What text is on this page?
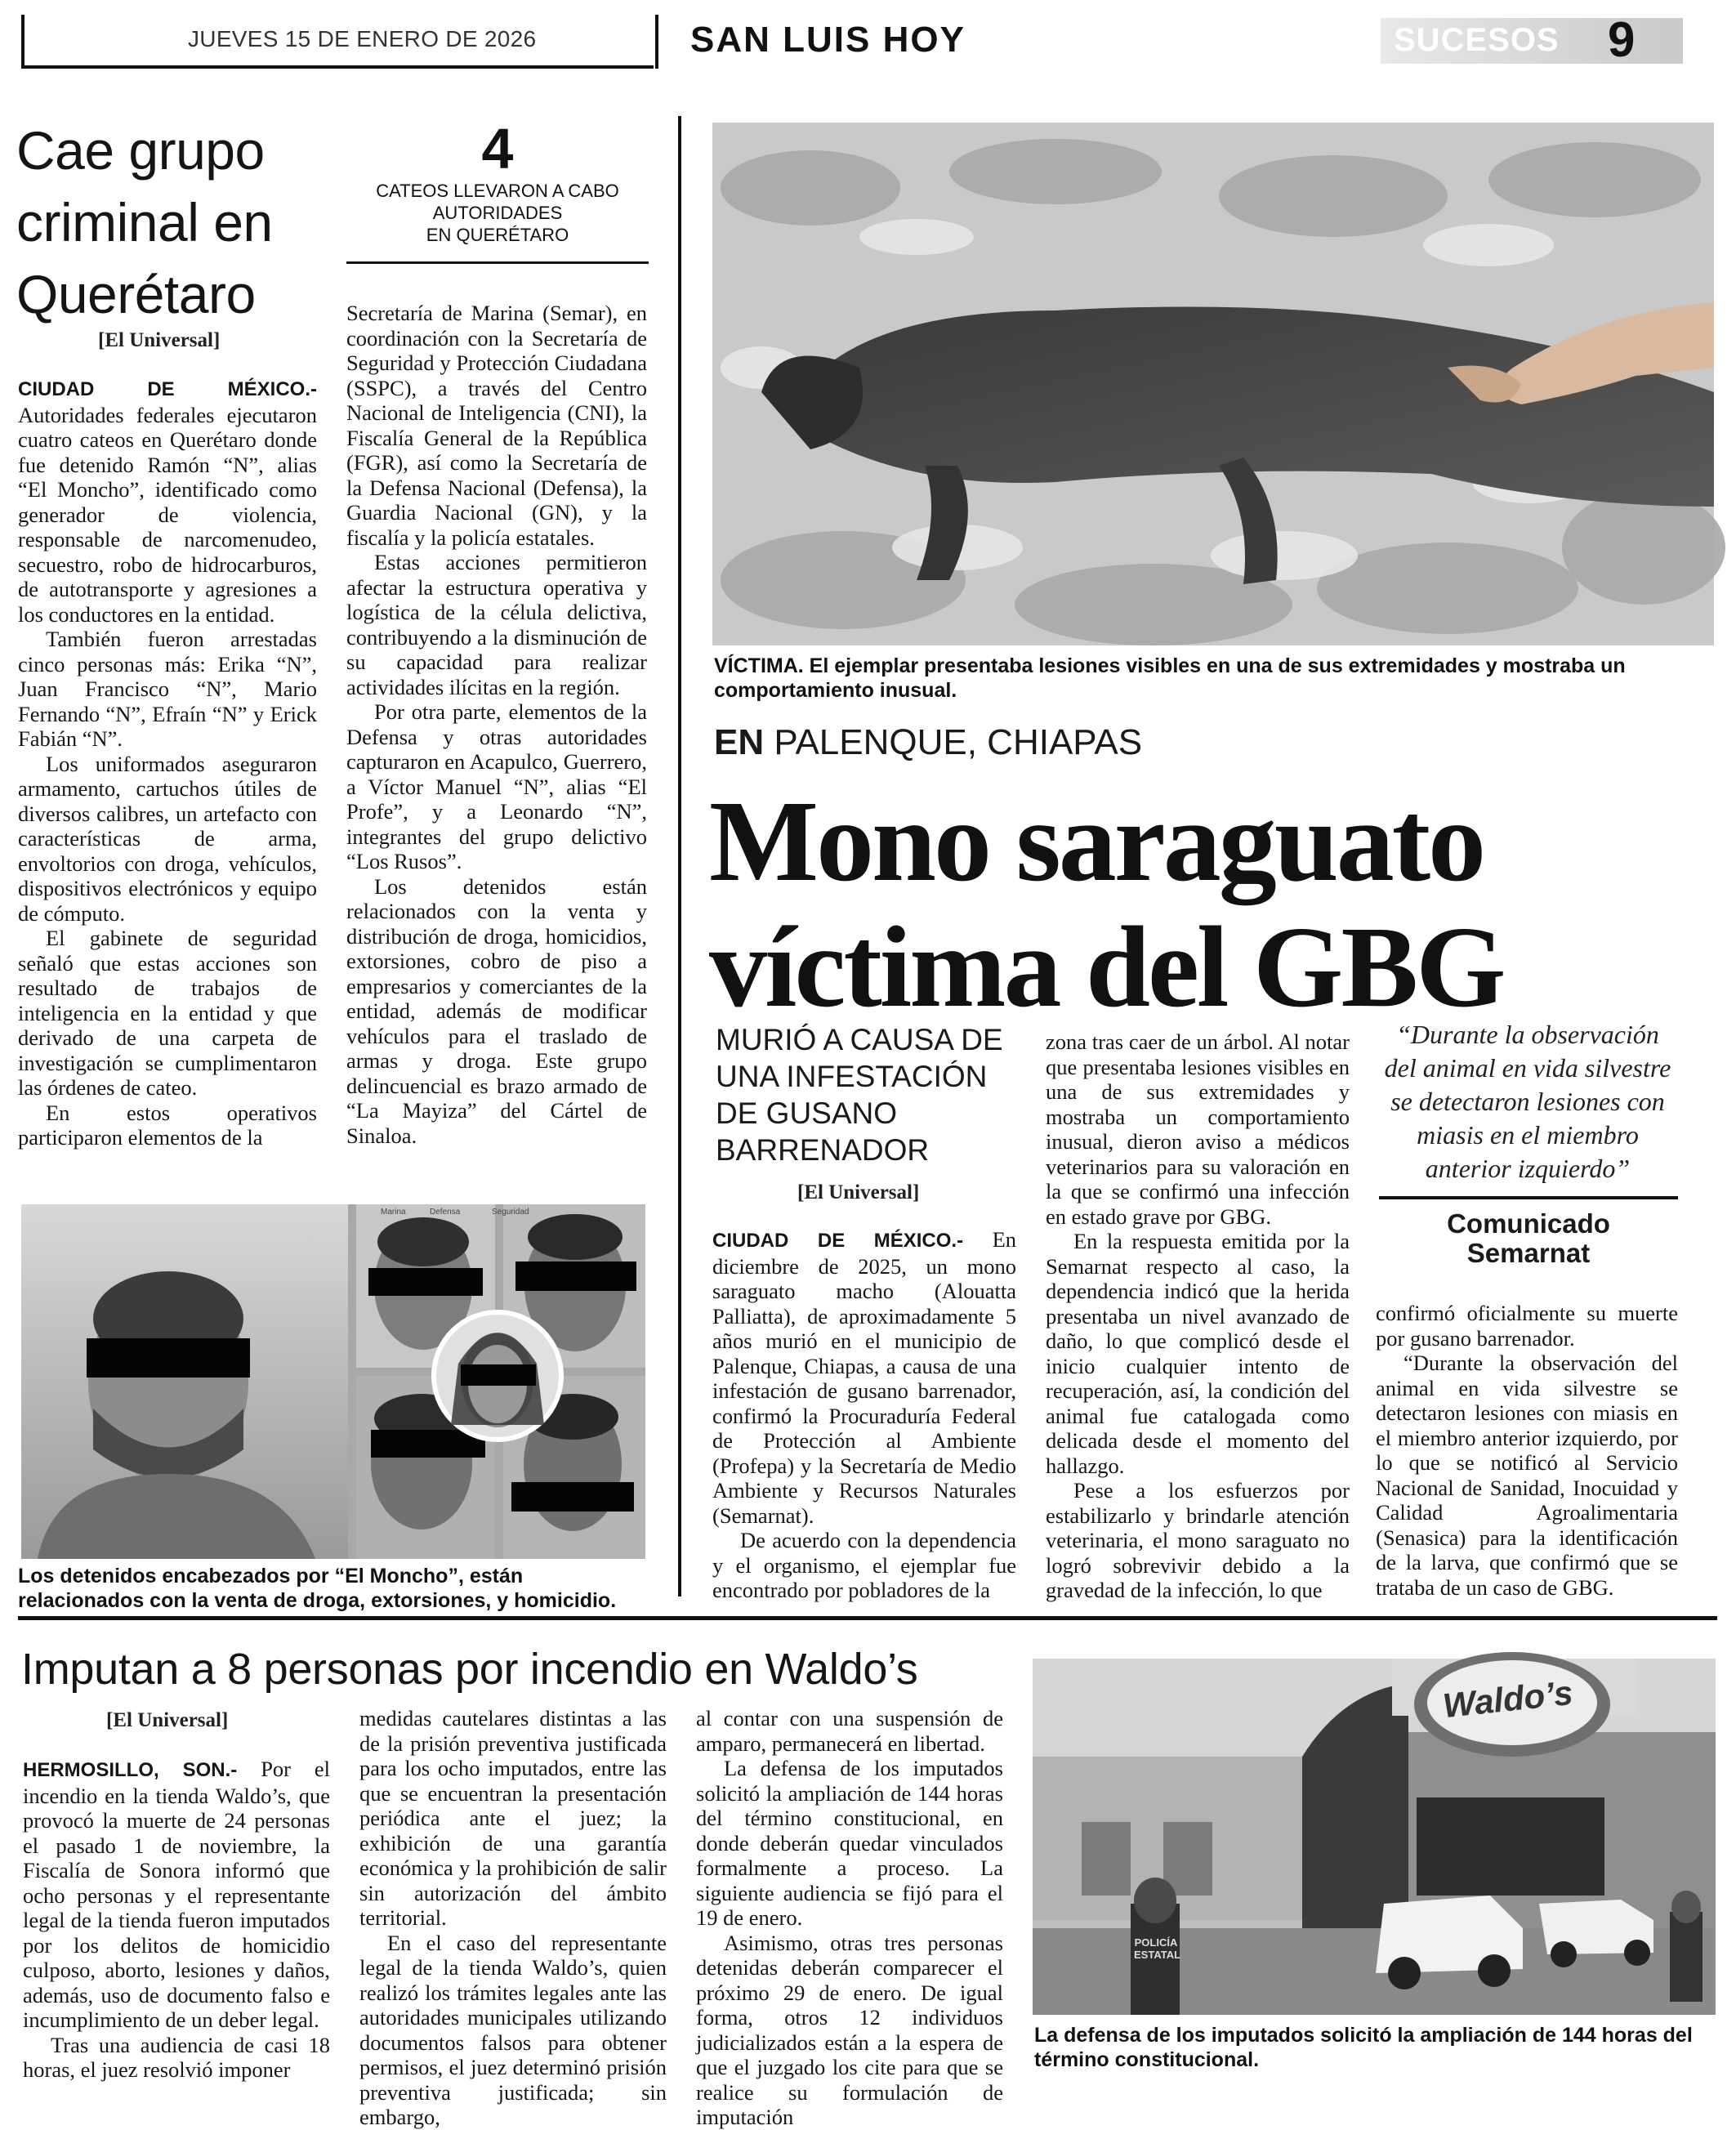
JUEVES 15 DE ENERO DE 2026	SAN LUIS HOY	SUCESOS 9
Cae grupo
criminal en
Querétaro
[El Universal]
4
CATEOS LLEVARON A CABO
AUTORIDADES
EN QUERÉTARO

CIUDAD DE MÉXICO.- Autoridades federales ejecutaron cuatro cateos en Querétaro donde fue detenido Ramón “N”, alias “El Moncho”, identificado como generador de violencia, responsable de narcomenudeo, secuestro, robo de hidrocarburos, de autotransporte y agresiones a los conductores en la entidad.

También fueron arrestadas cinco personas más: Erika “N”, Juan Francisco “N”, Mario Fernando “N”, Efraín “N” y Erick Fabián “N”.

Los uniformados aseguraron armamento, cartuchos útiles de diversos calibres, un artefacto con características de arma, envoltorios con droga, vehículos, dispositivos electrónicos y equipo de cómputo.

El gabinete de seguridad señaló que estas acciones son resultado de trabajos de inteligencia en la entidad y que derivado de una carpeta de investigación se cumplimentaron las órdenes de cateo.

En estos operativos participaron elementos de la

Secretaría de Marina (Semar), en coordinación con la Secretaría de Seguridad y Protección Ciudadana (SSPC), a través del Centro Nacional de Inteligencia (CNI), la Fiscalía General de la República (FGR), así como la Secretaría de la Defensa Nacional (Defensa), la Guardia Nacional (GN), y la fiscalía y la policía estatales.

Estas acciones permitieron afectar la estructura operativa y logística de la célula delictiva, contribuyendo a la disminución de su capacidad para realizar actividades ilícitas en la región.

Por otra parte, elementos de la Defensa y otras autoridades capturaron en Acapulco, Guerrero, a Víctor Manuel “N”, alias “El Profe”, y a Leonardo “N”, integrantes del grupo delictivo “Los Rusos”.

Los detenidos están relacionados con la venta y distribución de droga, homicidios, extorsiones, cobro de piso a empresarios y comerciantes de la entidad, además de modificar vehículos para el traslado de armas y droga. Este grupo delincuencial es brazo armado de “La Mayiza” del Cártel de Sinaloa.

Marina	Defensa	Seguridad
Los detenidos encabezados por “El Moncho”, están relacionados con la venta de droga, extorsiones, y homicidio.
VÍCTIMA. El ejemplar presentaba lesiones visibles en una de sus extremidades y mostraba un comportamiento inusual.
EN PALENQUE, CHIAPAS
Mono saraguato
víctima del GBG
MURIÓ A CAUSA DE UNA INFESTACIÓN DE GUSANO BARRENADOR
[El Universal]

CIUDAD DE MÉXICO.- En diciembre de 2025, un mono saraguato macho (Alouatta Palliatta), de aproximadamente 5 años murió en el municipio de Palenque, Chiapas, a causa de una infestación de gusano barrenador, confirmó la Procuraduría Federal de Protección al Ambiente (Profepa) y la Secretaría de Medio Ambiente y Recursos Naturales (Semarnat).

De acuerdo con la dependencia y el organismo, el ejemplar fue encontrado por pobladores de la

zona tras caer de un árbol. Al notar que presentaba lesiones visibles en una de sus extremidades y mostraba un comportamiento inusual, dieron aviso a médicos veterinarios para su valoración en la que se confirmó una infección en estado grave por GBG.

En la respuesta emitida por la Semarnat respecto al caso, la dependencia indicó que la herida presentaba un nivel avanzado de daño, lo que complicó desde el inicio cualquier intento de recuperación, así, la condición del animal fue catalogada como delicada desde el momento del hallazgo.

Pese a los esfuerzos por estabilizarlo y brindarle atención veterinaria, el mono saraguato no logró sobrevivir debido a la gravedad de la infección, lo que

“Durante la observación del animal en vida silvestre se detectaron lesiones con miasis en el miembro anterior izquierdo”
Comunicado
Semarnat

confirmó oficialmente su muerte por gusano barrenador.

“Durante la observación del animal en vida silvestre se detectaron lesiones con miasis en el miembro anterior izquierdo, por lo que se notificó al Servicio Nacional de Sanidad, Inocuidad y Calidad Agroalimentaria (Senasica) para la identificación de la larva, que confirmó que se trataba de un caso de GBG.

Imputan a 8 personas por incendio en Waldo’s
[El Universal]

HERMOSILLO, SON.- Por el incendio en la tienda Waldo’s, que provocó la muerte de 24 personas el pasado 1 de noviembre, la Fiscalía de Sonora informó que ocho personas y el representante legal de la tienda fueron imputados por los delitos de homicidio culposo, aborto, lesiones y daños, además, uso de documento falso e incumplimiento de un deber legal.

Tras una audiencia de casi 18 horas, el juez resolvió imponer

medidas cautelares distintas a las de la prisión preventiva justificada para los ocho imputados, entre las que se encuentran la presentación periódica ante el juez; la exhibición de una garantía económica y la prohibición de salir sin autorización del ámbito territorial.

En el caso del representante legal de la tienda Waldo’s, quien realizó los trámites legales ante las autoridades municipales utilizando documentos falsos para obtener permisos, el juez determinó prisión preventiva justificada; sin embargo,

al contar con una suspensión de amparo, permanecerá en libertad.

La defensa de los imputados solicitó la ampliación de 144 horas del término constitucional, en donde deberán quedar vinculados formalmente a proceso. La siguiente audiencia se fijó para el 19 de enero.

Asimismo, otras tres personas detenidas deberán comparecer el próximo 29 de enero. De igual forma, otros 12 individuos judicializados están a la espera de que el juzgado los cite para que se realice su formulación de imputación

Waldo’s
POLICÍA
ESTATAL
La defensa de los imputados solicitó la ampliación de 144 horas del término constitucional.
